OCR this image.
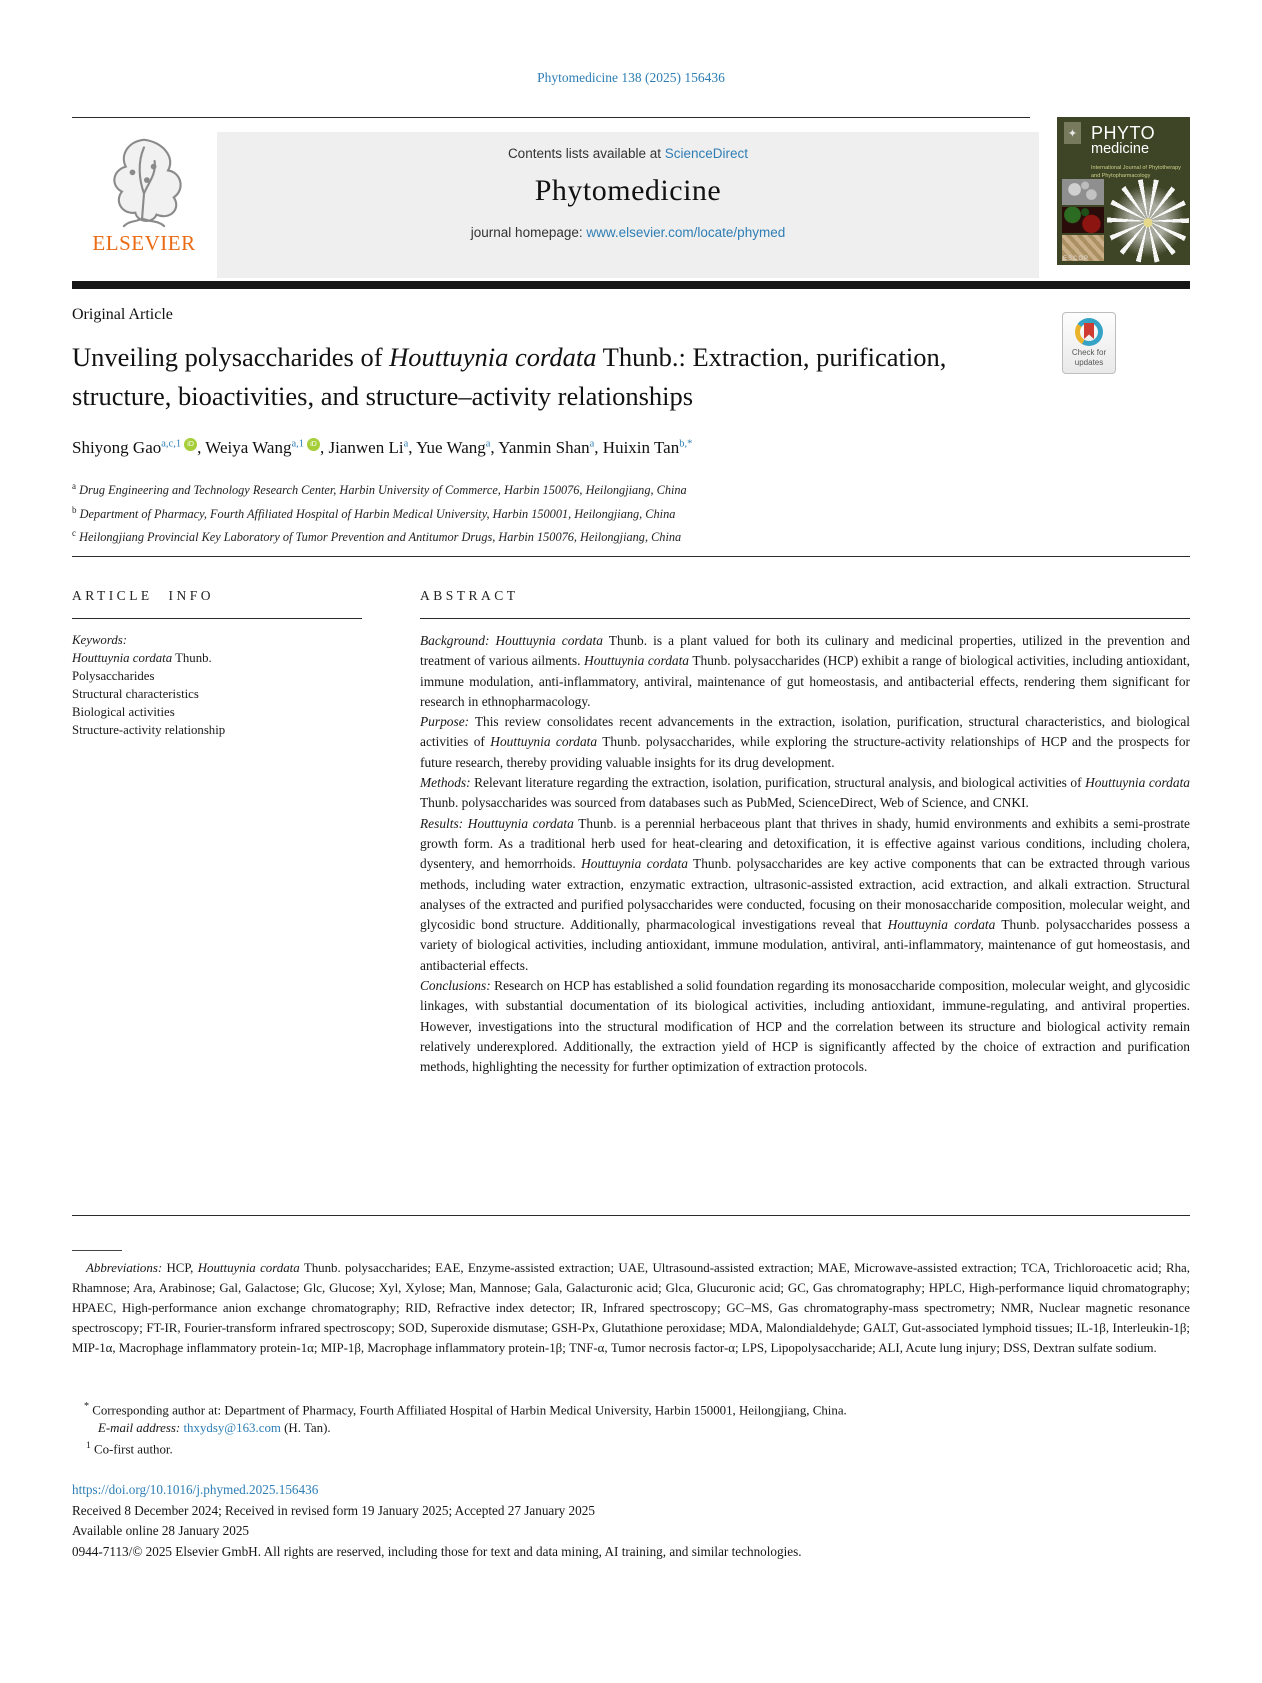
Phytomedicine 138 (2025) 156436
ELSEVIER
Contents lists available at ScienceDirect
Phytomedicine
journal homepage: www.elsevier.com/locate/phymed
✦ PHYTO
medicine
International Journal of Phytotherapy and Phytopharmacology
ESCOP
Original Article
Unveiling polysaccharides of Houttuynia cordata Thunb.: Extraction, purification, structure, bioactivities, and structure–activity relationships
Check for updates
Shiyong Gao$^{a,c,1}$ iD , Weiya Wang$^{a,1}$ iD , Jianwen Li$^a$, Yue Wang$^a$, Yanmin Shan$^a$, Huixin Tan$^{b,*}$
$^a$ Drug Engineering and Technology Research Center, Harbin University of Commerce, Harbin 150076, Heilongjiang, China
$^b$ Department of Pharmacy, Fourth Affiliated Hospital of Harbin Medical University, Harbin 150001, Heilongjiang, China
$^c$ Heilongjiang Provincial Key Laboratory of Tumor Prevention and Antitumor Drugs, Harbin 150076, Heilongjiang, China
ARTICLE INFO
Keywords:
Houttuynia cordata Thunb.
Polysaccharides
Structural characteristics
Biological activities
Structure-activity relationship
ABSTRACT

Background: Houttuynia cordata Thunb. is a plant valued for both its culinary and medicinal properties, utilized in the prevention and treatment of various ailments. Houttuynia cordata Thunb. polysaccharides (HCP) exhibit a range of biological activities, including antioxidant, immune modulation, anti-inflammatory, antiviral, maintenance of gut homeostasis, and antibacterial effects, rendering them significant for research in ethnopharmacology.

Purpose: This review consolidates recent advancements in the extraction, isolation, purification, structural characteristics, and biological activities of Houttuynia cordata Thunb. polysaccharides, while exploring the structure-activity relationships of HCP and the prospects for future research, thereby providing valuable insights for its drug development.

Methods: Relevant literature regarding the extraction, isolation, purification, structural analysis, and biological activities of Houttuynia cordata Thunb. polysaccharides was sourced from databases such as PubMed, ScienceDirect, Web of Science, and CNKI.

Results: Houttuynia cordata Thunb. is a perennial herbaceous plant that thrives in shady, humid environments and exhibits a semi-prostrate growth form. As a traditional herb used for heat-clearing and detoxification, it is effective against various conditions, including cholera, dysentery, and hemorrhoids. Houttuynia cordata Thunb. polysaccharides are key active components that can be extracted through various methods, including water extraction, enzymatic extraction, ultrasonic-assisted extraction, acid extraction, and alkali extraction. Structural analyses of the extracted and purified polysaccharides were conducted, focusing on their monosaccharide composition, molecular weight, and glycosidic bond structure. Additionally, pharmacological investigations reveal that Houttuynia cordata Thunb. polysaccharides possess a variety of biological activities, including antioxidant, immune modulation, antiviral, anti-inflammatory, maintenance of gut homeostasis, and antibacterial effects.

Conclusions: Research on HCP has established a solid foundation regarding its monosaccharide composition, molecular weight, and glycosidic linkages, with substantial documentation of its biological activities, including antioxidant, immune-regulating, and antiviral properties. However, investigations into the structural modification of HCP and the correlation between its structure and biological activity remain relatively underexplored. Additionally, the extraction yield of HCP is significantly affected by the choice of extraction and purification methods, highlighting the necessity for further optimization of extraction protocols.

Abbreviations: HCP, Houttuynia cordata Thunb. polysaccharides; EAE, Enzyme-assisted extraction; UAE, Ultrasound-assisted extraction; MAE, Microwave-assisted extraction; TCA, Trichloroacetic acid; Rha, Rhamnose; Ara, Arabinose; Gal, Galactose; Glc, Glucose; Xyl, Xylose; Man, Mannose; Gala, Galacturonic acid; Glca, Glucuronic acid; GC, Gas chromatography; HPLC, High-performance liquid chromatography; HPAEC, High-performance anion exchange chromatography; RID, Refractive index detector; IR, Infrared spectroscopy; GC–MS, Gas chromatography-mass spectrometry; NMR, Nuclear magnetic resonance spectroscopy; FT-IR, Fourier-transform infrared spectroscopy; SOD, Superoxide dismutase; GSH-Px, Glutathione peroxidase; MDA, Malondialdehyde; GALT, Gut-associated lymphoid tissues; IL-1β, Interleukin-1β; MIP-1α, Macrophage inflammatory protein-1α; MIP-1β, Macrophage inflammatory protein-1β; TNF-α, Tumor necrosis factor-α; LPS, Lipopolysaccharide; ALI, Acute lung injury; DSS, Dextran sulfate sodium.

* Corresponding author at: Department of Pharmacy, Fourth Affiliated Hospital of Harbin Medical University, Harbin 150001, Heilongjiang, China.

E-mail address: thxydsy@163.com (H. Tan).

$^1$ Co-first author.

https://doi.org/10.1016/j.phymed.2025.156436
Received 8 December 2024; Received in revised form 19 January 2025; Accepted 27 January 2025
Available online 28 January 2025
0944-7113/© 2025 Elsevier GmbH. All rights are reserved, including those for text and data mining, AI training, and similar technologies.
